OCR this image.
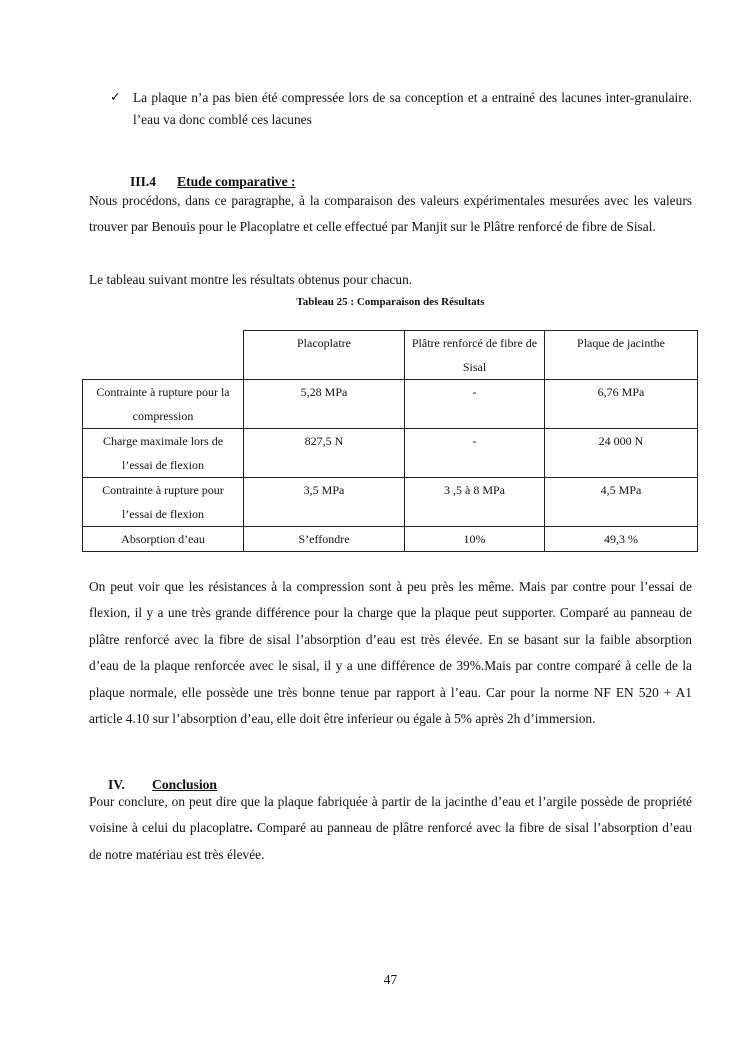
✓ La plaque n’a pas bien été compressée lors de sa conception et a entrainé des lacunes inter-granulaire. l’eau va donc comblé ces lacunes
III.4 Etude comparative :
Nous procédons, dans ce paragraphe, à la comparaison des valeurs expérimentales mesurées avec les valeurs trouver par Benouis pour le Placoplatre et celle effectué par Manjit sur le Plâtre renforcé de fibre de Sisal.
Le tableau suivant montre les résultats obtenus pour chacun.
Tableau 25 : Comparaison des Résultats
	Placoplatre	Plâtre renforcé de fibre de Sisal	Plaque de jacinthe
Contrainte à rupture pour la compression	5,28 MPa	-	6,76 MPa
Charge maximale lors de l’essai de flexion	827,5 N	-	24 000 N
Contrainte à rupture pour l’essai de flexion	3,5 MPa	3 ,5 à 8 MPa	4,5 MPa
Absorption d’eau	S’effondre	10%	49,3 %
On peut voir que les résistances à la compression sont à peu près les même. Mais par contre pour l’essai de flexion, il y a une très grande différence pour la charge que la plaque peut supporter. Comparé au panneau de plâtre renforcé avec la fibre de sisal l’absorption d’eau est très élevée. En se basant sur la faible absorption d’eau de la plaque renforcée avec le sisal, il y a une différence de 39%.Mais par contre comparé à celle de la plaque normale, elle possède une très bonne tenue par rapport à l’eau. Car pour la norme NF EN 520 + A1 article 4.10 sur l’absorption d’eau, elle doit être inferieur ou égale à 5% après 2h d’immersion.
IV. Conclusion
Pour conclure, on peut dire que la plaque fabriquée à partir de la jacinthe d’eau et l’argile possède de propriété voisine à celui du placoplatre. Comparé au panneau de plâtre renforcé avec la fibre de sisal l’absorption d’eau de notre matériau est très élevée.
47
